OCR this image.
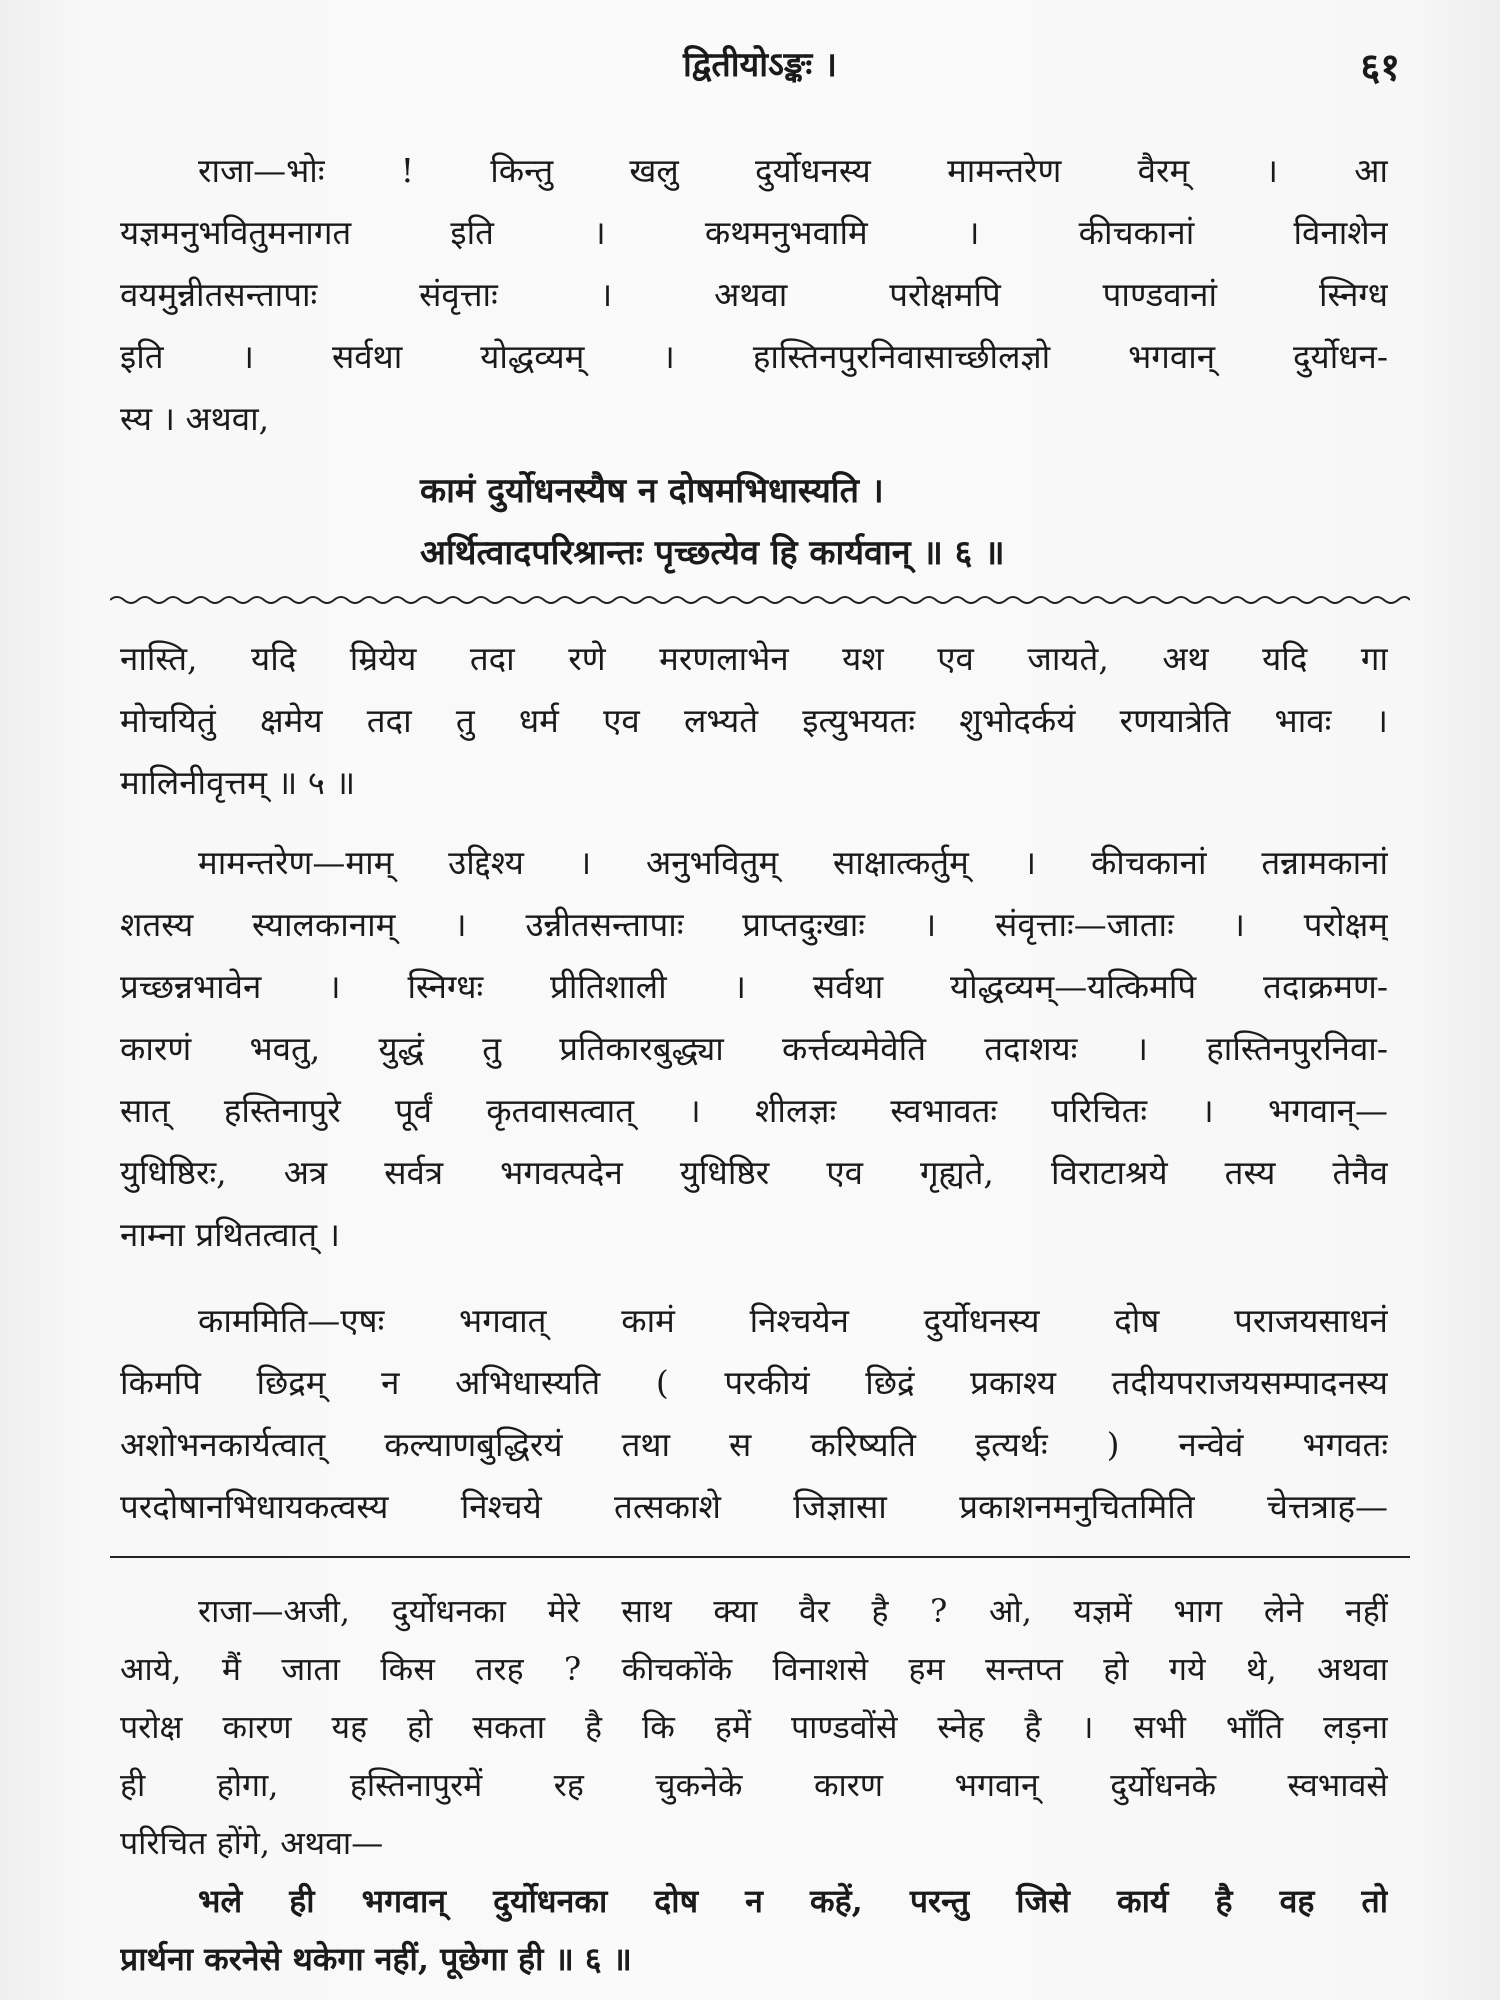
द्वितीयोऽङ्कः ।	६१
राजा—भोः ! किन्तु खलु दुर्योधनस्य मामन्तरेण वैरम् । आ
यज्ञमनुभवितुमनागत इति । कथमनुभवामि । कीचकानां विनाशेन
वयमुन्नीतसन्तापाः संवृत्ताः । अथवा परोक्षमपि पाण्डवानां स्निग्ध
इति । सर्वथा योद्धव्यम् । हास्तिनपुरनिवासाच्छीलज्ञो भगवान् दुर्योधन-
स्य । अथवा,
कामं दुर्योधनस्यैष न दोषमभिधास्यति ।
अर्थित्वादपरिश्रान्तः पृच्छत्येव हि कार्यवान् ॥ ६ ॥
नास्ति, यदि म्रियेय तदा रणे मरणलाभेन यश एव जायते, अथ यदि गा
मोचयितुं क्षमेय तदा तु धर्म एव लभ्यते इत्युभयतः शुभोदर्कयं रणयात्रेति भावः ।
मालिनीवृत्तम् ॥ ५ ॥
मामन्तरेण—माम् उद्दिश्य । अनुभवितुम् साक्षात्कर्तुम् । कीचकानां तन्नामकानां
शतस्य स्यालकानाम् । उन्नीतसन्तापाः प्राप्तदुःखाः । संवृत्ताः—जाताः । परोक्षम्
प्रच्छन्नभावेन । स्निग्धः प्रीतिशाली । सर्वथा योद्धव्यम्—यत्किमपि तदाक्रमण-
कारणं भवतु, युद्धं तु प्रतिकारबुद्ध्या कर्त्तव्यमेवेति तदाशयः । हास्तिनपुरनिवा-
सात् हस्तिनापुरे पूर्वं कृतवासत्वात् । शीलज्ञः स्वभावतः परिचितः । भगवान्—
युधिष्ठिरः, अत्र सर्वत्र भगवत्पदेन युधिष्ठिर एव गृह्यते, विराटाश्रये तस्य तेनैव
नाम्ना प्रथितत्वात् ।
काममिति—एषः भगवात् कामं निश्चयेन दुर्योधनस्य दोष पराजयसाधनं
किमपि छिद्रम् न अभिधास्यति ( परकीयं छिद्रं प्रकाश्य तदीयपराजयसम्पादनस्य
अशोभनकार्यत्वात् कल्याणबुद्धिरयं तथा स करिष्यति इत्यर्थः ) नन्वेवं भगवतः
परदोषानभिधायकत्वस्य निश्चये तत्सकाशे जिज्ञासा प्रकाशनमनुचितमिति चेत्तत्राह—
राजा—अजी, दुर्योधनका मेरे साथ क्या वैर है ? ओ, यज्ञमें भाग लेने नहीं
आये, मैं जाता किस तरह ? कीचकोंके विनाशसे हम सन्तप्त हो गये थे, अथवा
परोक्ष कारण यह हो सकता है कि हमें पाण्डवोंसे स्नेह है । सभी भाँति लड़ना
ही होगा, हस्तिनापुरमें रह चुकनेके कारण भगवान् दुर्योधनके स्वभावसे
परिचित होंगे, अथवा—
भले ही भगवान् दुर्योधनका दोष न कहें, परन्तु जिसे कार्य है वह तो
प्रार्थना करनेसे थकेगा नहीं, पूछेगा ही ॥ ६ ॥
